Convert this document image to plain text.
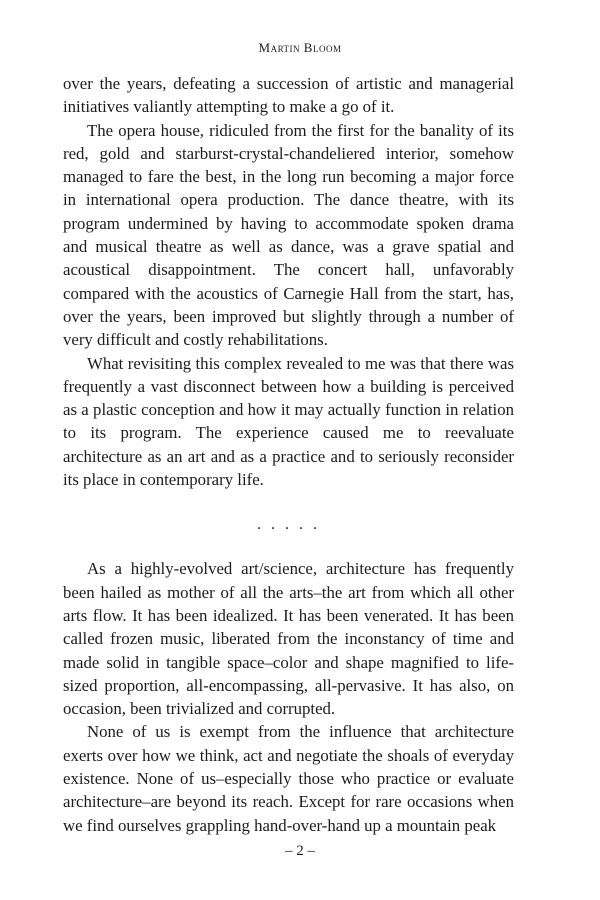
Martin Bloom

over the years, defeating a succession of artistic and managerial initiatives valiantly attempting to make a go of it.

The opera house, ridiculed from the first for the banality of its red, gold and starburst-crystal-chandeliered interior, somehow managed to fare the best, in the long run becoming a major force in international opera production. The dance theatre, with its program undermined by having to accommodate spoken drama and musical theatre as well as dance, was a grave spatial and acoustical disappointment. The concert hall, unfavorably compared with the acoustics of Carnegie Hall from the start, has, over the years, been improved but slightly through a number of very difficult and costly rehabilitations.

What revisiting this complex revealed to me was that there was frequently a vast disconnect between how a building is perceived as a plastic conception and how it may actually function in relation to its program. The experience caused me to reevaluate architecture as an art and as a practice and to seriously reconsider its place in contemporary life.

. . . . .

As a highly-evolved art/science, architecture has frequently been hailed as mother of all the arts–the art from which all other arts flow. It has been idealized. It has been venerated. It has been called frozen music, liberated from the inconstancy of time and made solid in tangible space–color and shape magnified to life-sized proportion, all-encompassing, all-pervasive. It has also, on occasion, been trivialized and corrupted.

None of us is exempt from the influence that architecture exerts over how we think, act and negotiate the shoals of everyday existence. None of us–especially those who practice or evaluate architecture–are beyond its reach. Except for rare occasions when we find ourselves grappling hand-over-hand up a mountain peak

– 2 –
